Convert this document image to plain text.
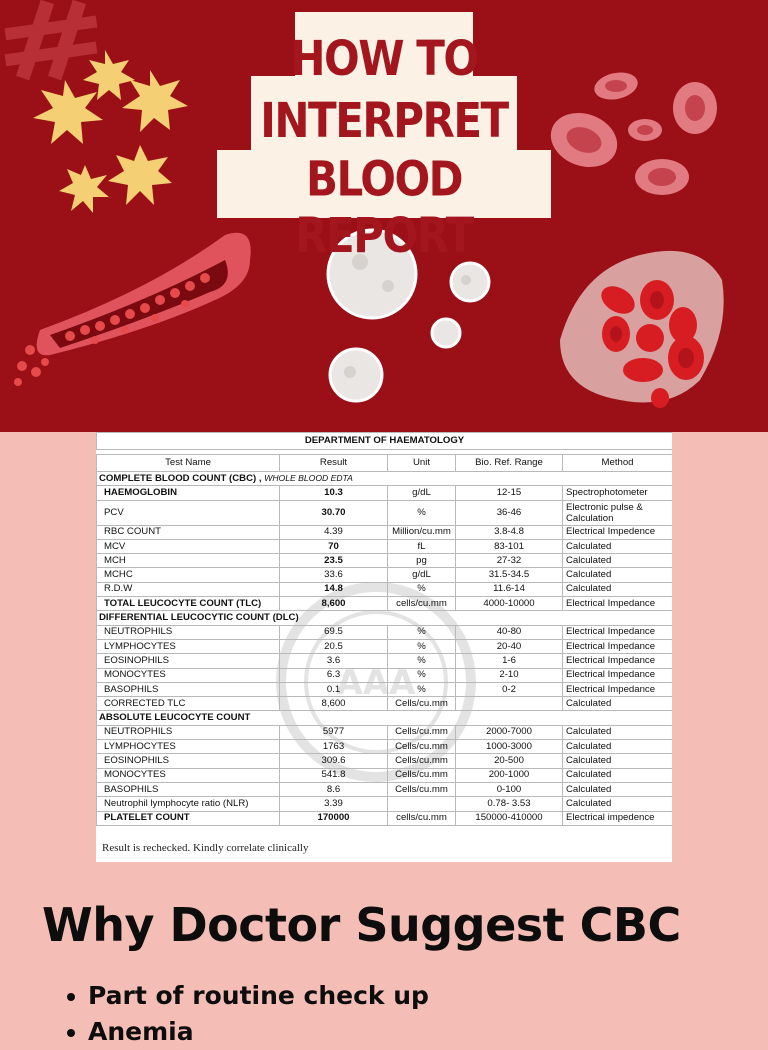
HOW TO
INTERPRET
BLOOD REPORT
AAA
DEPARTMENT OF HAEMATOLOGY				

Test Name	Result	Unit	Bio. Ref. Range	Method
COMPLETE BLOOD COUNT (CBC) , WHOLE BLOOD EDTA				
HAEMOGLOBIN	10.3	g/dL	12-15	Spectrophotometer
PCV	30.70	%	36-46	Electronic pulse & Calculation
RBC COUNT	4.39	Million/cu.mm	3.8-4.8	Electrical Impedence
MCV	70	fL	83-101	Calculated
MCH	23.5	pg	27-32	Calculated
MCHC	33.6	g/dL	31.5-34.5	Calculated
R.D.W	14.8	%	11.6-14	Calculated
TOTAL LEUCOCYTE COUNT (TLC)	8,600	cells/cu.mm	4000-10000	Electrical Impedance
DIFFERENTIAL LEUCOCYTIC COUNT (DLC)				
NEUTROPHILS	69.5	%	40-80	Electrical Impedance
LYMPHOCYTES	20.5	%	20-40	Electrical Impedance
EOSINOPHILS	3.6	%	1-6	Electrical Impedance
MONOCYTES	6.3	%	2-10	Electrical Impedance
BASOPHILS	0.1	%	0-2	Electrical Impedance
CORRECTED TLC	8,600	Cells/cu.mm		Calculated
ABSOLUTE LEUCOCYTE COUNT				
NEUTROPHILS	5977	Cells/cu.mm	2000-7000	Calculated
LYMPHOCYTES	1763	Cells/cu.mm	1000-3000	Calculated
EOSINOPHILS	309.6	Cells/cu.mm	20-500	Calculated
MONOCYTES	541.8	Cells/cu.mm	200-1000	Calculated
BASOPHILS	8.6	Cells/cu.mm	0-100	Calculated
Neutrophil lymphocyte ratio (NLR)	3.39		0.78- 3.53	Calculated
PLATELET COUNT	170000	cells/cu.mm	150000-410000	Electrical impedence
Result is rechecked. Kindly correlate clinically
Why Doctor Suggest CBC
Part of routine check up
Anemia
